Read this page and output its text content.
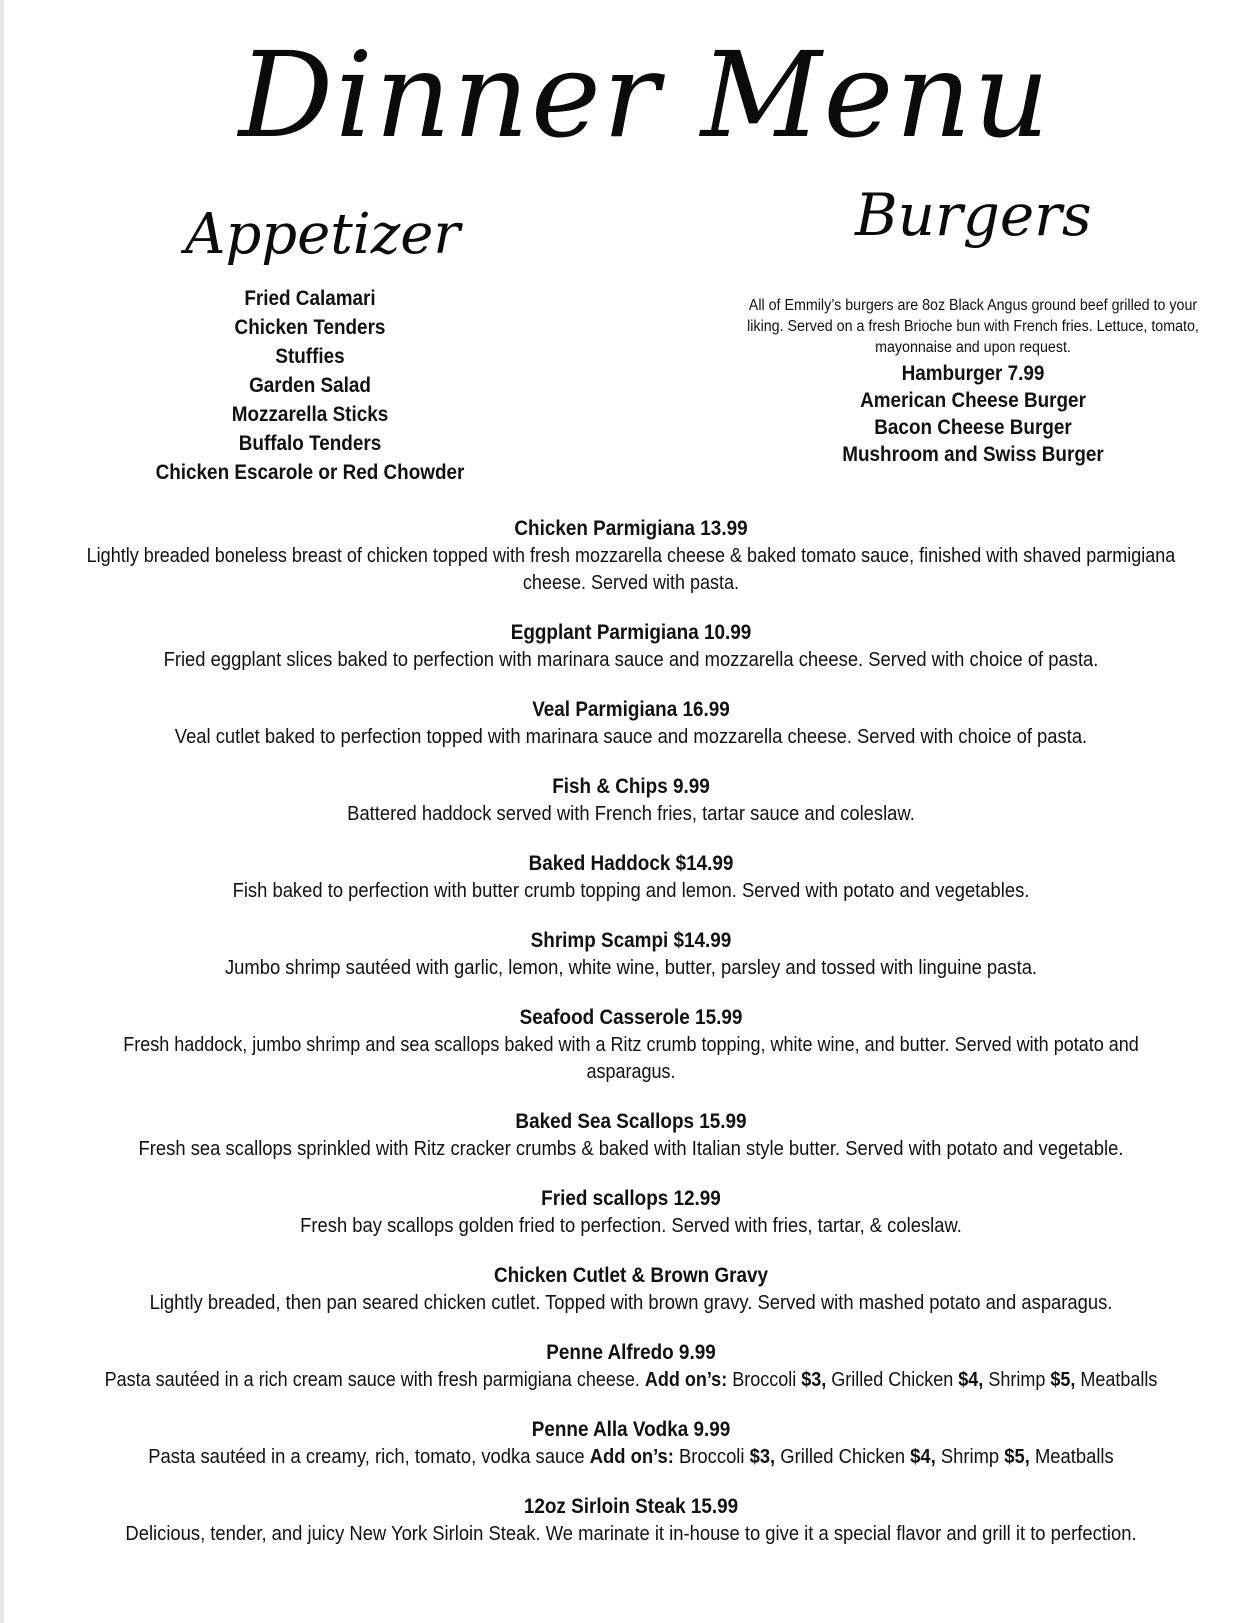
Dinner Menu
Appetizer
Fried Calamari
Chicken Tenders
Stuffies
Garden Salad
Mozzarella Sticks
Buffalo Tenders
Chicken Escarole or Red Chowder
Burgers

All of Emmily’s burgers are 8oz Black Angus ground beef grilled to your liking. Served on a fresh Brioche bun with French fries. Lettuce, tomato, mayonnaise and upon request.

Hamburger 7.99
American Cheese Burger
Bacon Cheese Burger
Mushroom and Swiss Burger
Chicken Parmigiana 13.99
Lightly breaded boneless breast of chicken topped with fresh mozzarella cheese & baked tomato sauce, finished with shaved parmigiana cheese. Served with pasta.
Eggplant Parmigiana 10.99
Fried eggplant slices baked to perfection with marinara sauce and mozzarella cheese. Served with choice of pasta.
Veal Parmigiana 16.99
Veal cutlet baked to perfection topped with marinara sauce and mozzarella cheese. Served with choice of pasta.
Fish & Chips 9.99
Battered haddock served with French fries, tartar sauce and coleslaw.
Baked Haddock $14.99
Fish baked to perfection with butter crumb topping and lemon. Served with potato and vegetables.
Shrimp Scampi $14.99
Jumbo shrimp sautéed with garlic, lemon, white wine, butter, parsley and tossed with linguine pasta.
Seafood Casserole 15.99
Fresh haddock, jumbo shrimp and sea scallops baked with a Ritz crumb topping, white wine, and butter. Served with potato and asparagus.
Baked Sea Scallops 15.99
Fresh sea scallops sprinkled with Ritz cracker crumbs & baked with Italian style butter. Served with potato and vegetable.
Fried scallops 12.99
Fresh bay scallops golden fried to perfection. Served with fries, tartar, & coleslaw.
Chicken Cutlet & Brown Gravy
Lightly breaded, then pan seared chicken cutlet. Topped with brown gravy. Served with mashed potato and asparagus.
Penne Alfredo 9.99
Pasta sautéed in a rich cream sauce with fresh parmigiana cheese. Add on’s: Broccoli $3, Grilled Chicken $4, Shrimp $5, Meatballs
Penne Alla Vodka 9.99
Pasta sautéed in a creamy, rich, tomato, vodka sauce Add on’s: Broccoli $3, Grilled Chicken $4, Shrimp $5, Meatballs
12oz Sirloin Steak 15.99
Delicious, tender, and juicy New York Sirloin Steak. We marinate it in-house to give it a special flavor and grill it to perfection.
